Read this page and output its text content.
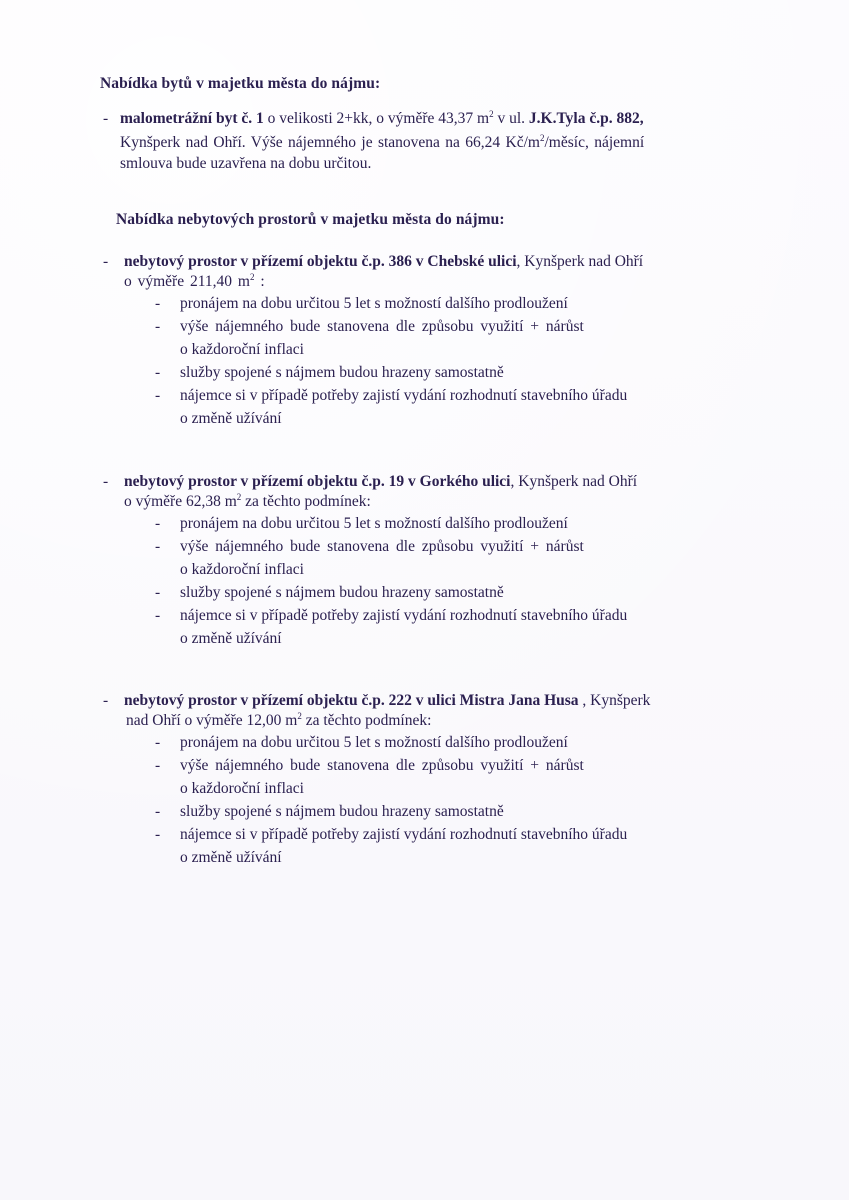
Nabídka bytů v majetku města do nájmu:
- malometrážní byt č. 1 o velikosti 2+kk, o výměře 43,37 $m^2$ v ul. J.K.Tyla č.p. 882,
Kynšperk nad Ohří. Výše nájemného je stanovena na 66,24 $Kč/m^2$/měsíc, nájemní
smlouva bude uzavřena na dobu určitou.
Nabídka nebytových prostorů v majetku města do nájmu:
- nebytový prostor v přízemí objektu č.p. 386 v Chebské ulici, Kynšperk nad Ohří
o výměře 211,40 $m^2$ :
- pronájem na dobu určitou 5 let s možností dalšího prodloužení
- výše nájemného bude stanovena dle způsobu využití + nárůst
o každoroční inflaci
- služby spojené s nájmem budou hrazeny samostatně
- nájemce si v případě potřeby zajistí vydání rozhodnutí stavebního úřadu
o změně užívání
- nebytový prostor v přízemí objektu č.p. 19 v Gorkého ulici, Kynšperk nad Ohří
o výměře 62,38 $m^2$ za těchto podmínek:
- pronájem na dobu určitou 5 let s možností dalšího prodloužení
- výše nájemného bude stanovena dle způsobu využití + nárůst
o každoroční inflaci
- služby spojené s nájmem budou hrazeny samostatně
- nájemce si v případě potřeby zajistí vydání rozhodnutí stavebního úřadu
o změně užívání
- nebytový prostor v přízemí objektu č.p. 222 v ulici Mistra Jana Husa , Kynšperk
nad Ohří o výměře 12,00 $m^2$ za těchto podmínek:
- pronájem na dobu určitou 5 let s možností dalšího prodloužení
- výše nájemného bude stanovena dle způsobu využití + nárůst
o každoroční inflaci
- služby spojené s nájmem budou hrazeny samostatně
- nájemce si v případě potřeby zajistí vydání rozhodnutí stavebního úřadu
o změně užívání
